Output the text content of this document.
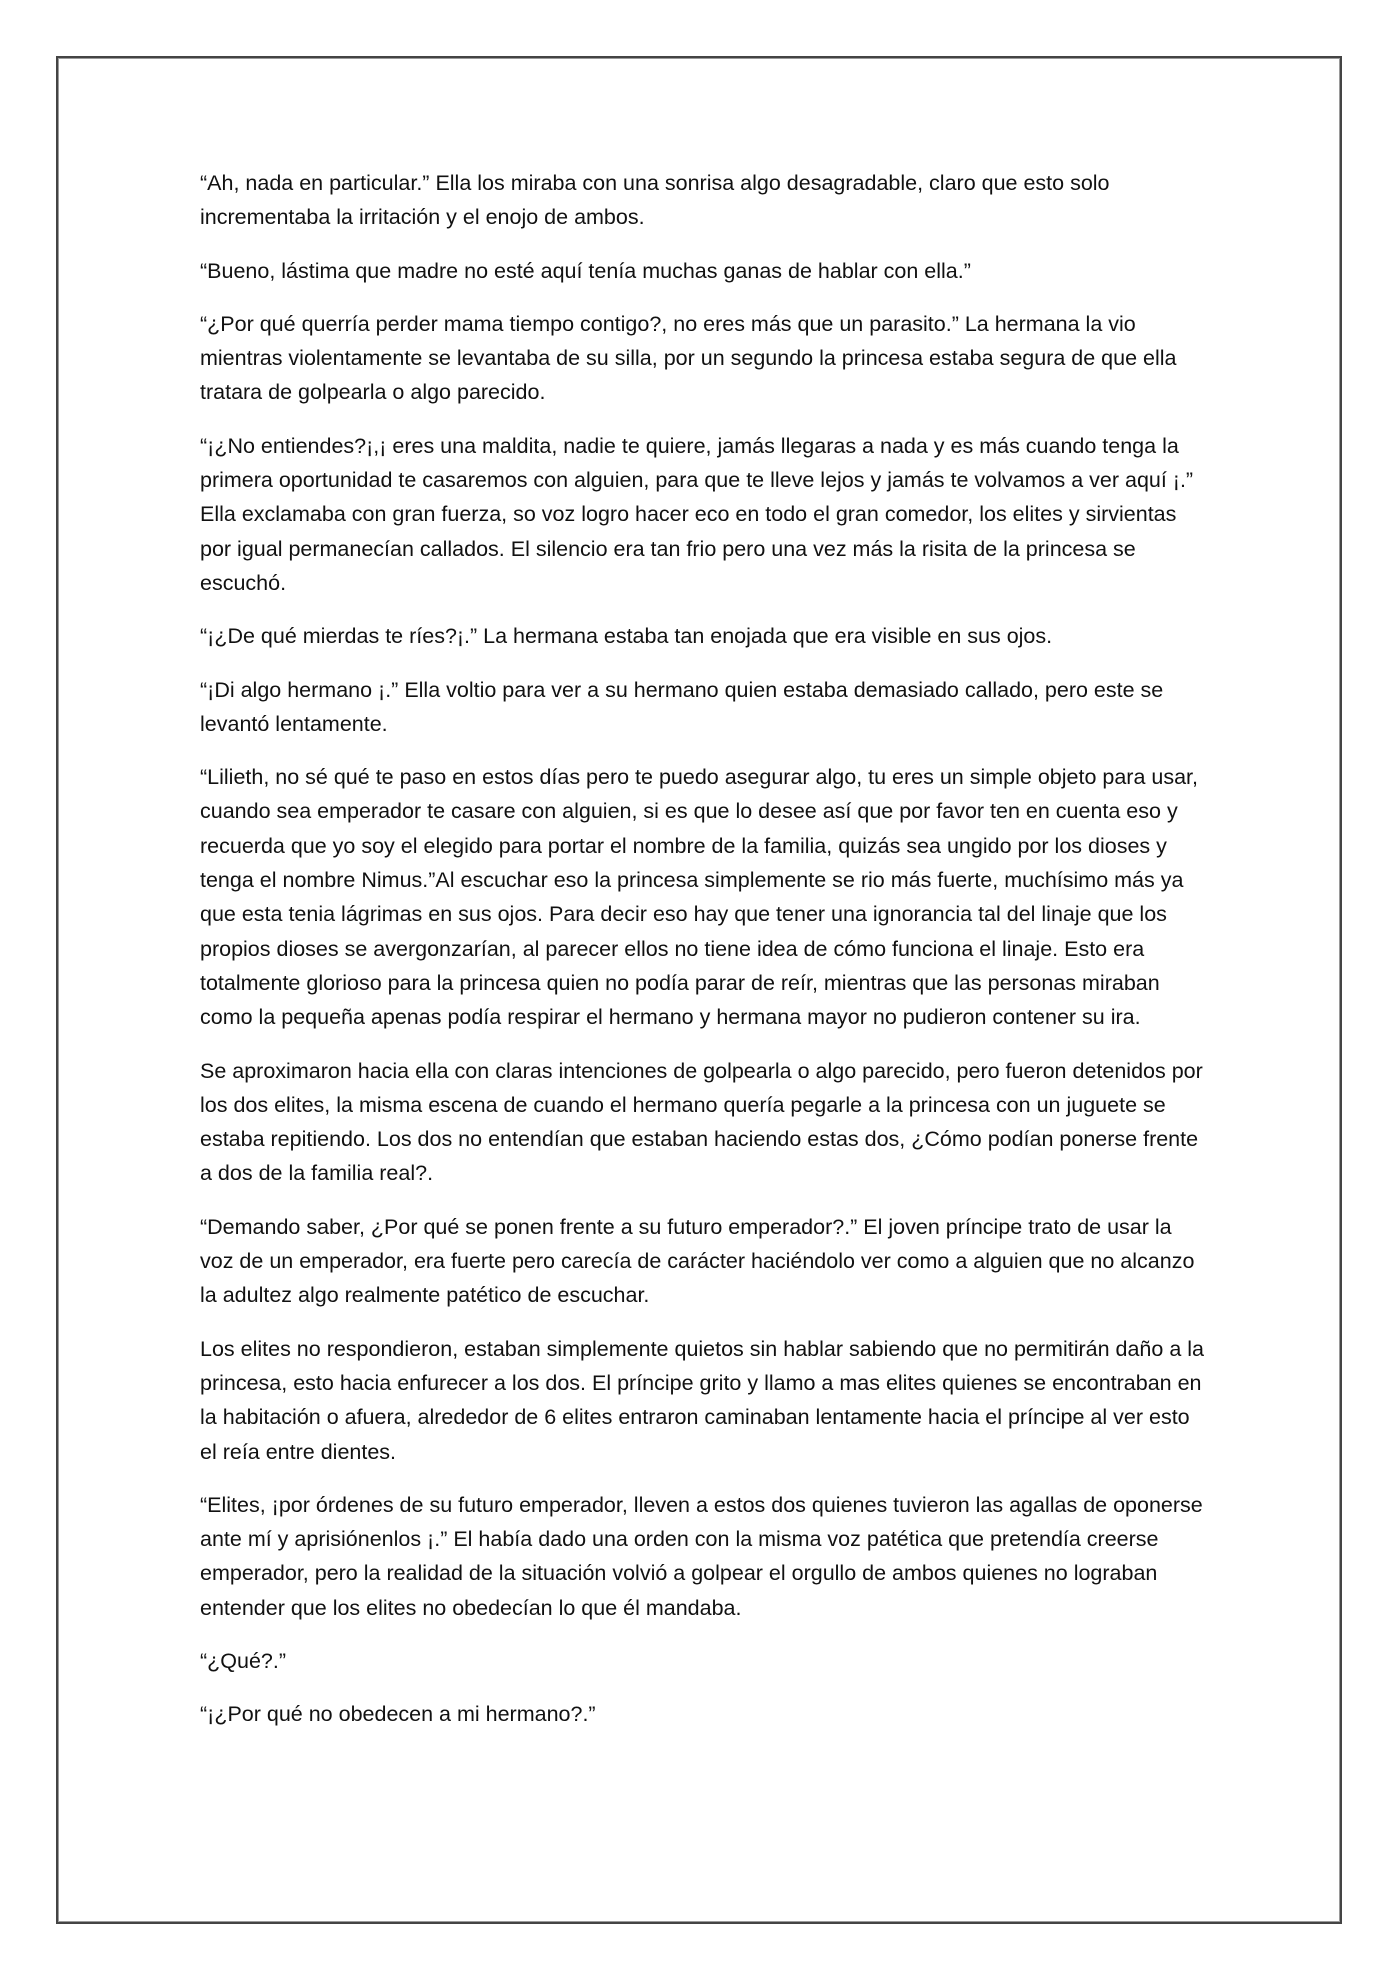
“Ah, nada en particular.” Ella los miraba con una sonrisa algo desagradable, claro que esto solo incrementaba la irritación y el enojo de ambos.

“Bueno, lástima que madre no esté aquí tenía muchas ganas de hablar con ella.”

“¿Por qué querría perder mama tiempo contigo?, no eres más que un parasito.” La hermana la vio mientras violentamente se levantaba de su silla, por un segundo la princesa estaba segura de que ella tratara de golpearla o algo parecido.

“¡¿No entiendes?¡,¡ eres una maldita, nadie te quiere, jamás llegaras a nada y es más cuando tenga la primera oportunidad te casaremos con alguien, para que te lleve lejos y jamás te volvamos a ver aquí ¡.” Ella exclamaba con gran fuerza, so voz logro hacer eco en todo el gran comedor, los elites y sirvientas por igual permanecían callados. El silencio era tan frio pero una vez más la risita de la princesa se escuchó.

“¡¿De qué mierdas te ríes?¡.” La hermana estaba tan enojada que era visible en sus ojos.

“¡Di algo hermano ¡.” Ella voltio para ver a su hermano quien estaba demasiado callado, pero este se levantó lentamente.

“Lilieth, no sé qué te paso en estos días pero te puedo asegurar algo, tu eres un simple objeto para usar, cuando sea emperador te casare con alguien, si es que lo desee así que por favor ten en cuenta eso y recuerda que yo soy el elegido para portar el nombre de la familia, quizás sea ungido por los dioses y tenga el nombre Nimus.”Al escuchar eso la princesa simplemente se rio más fuerte, muchísimo más ya que esta tenia lágrimas en sus ojos. Para decir eso hay que tener una ignorancia tal del linaje que los propios dioses se avergonzarían, al parecer ellos no tiene idea de cómo funciona el linaje. Esto era totalmente glorioso para la princesa quien no podía parar de reír, mientras que las personas miraban como la pequeña apenas podía respirar el hermano y hermana mayor no pudieron contener su ira.

Se aproximaron hacia ella con claras intenciones de golpearla o algo parecido, pero fueron detenidos por los dos elites, la misma escena de cuando el hermano quería pegarle a la princesa con un juguete se estaba repitiendo. Los dos no entendían que estaban haciendo estas dos, ¿Cómo podían ponerse frente a dos de la familia real?.

“Demando saber, ¿Por qué se ponen frente a su futuro emperador?.” El joven príncipe trato de usar la voz de un emperador, era fuerte pero carecía de carácter haciéndolo ver como a alguien que no alcanzo la adultez algo realmente patético de escuchar.

Los elites no respondieron, estaban simplemente quietos sin hablar sabiendo que no permitirán daño a la princesa, esto hacia enfurecer a los dos. El príncipe grito y llamo a mas elites quienes se encontraban en la habitación o afuera, alrededor de 6 elites entraron caminaban lentamente hacia el príncipe al ver esto el reía entre dientes.

“Elites, ¡por órdenes de su futuro emperador, lleven a estos dos quienes tuvieron las agallas de oponerse ante mí y aprisiónenlos ¡.” El había dado una orden con la misma voz patética que pretendía creerse emperador, pero la realidad de la situación volvió a golpear el orgullo de ambos quienes no lograban entender que los elites no obedecían lo que él mandaba.

“¿Qué?.”

“¡¿Por qué no obedecen a mi hermano?.”
